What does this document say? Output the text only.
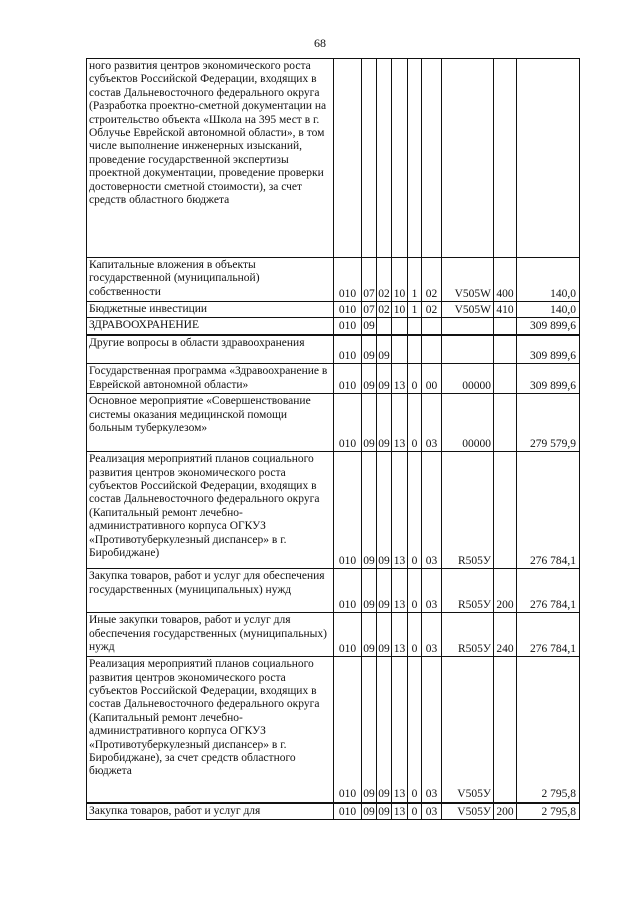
68
ного развития центров экономического роста субъектов Российской Федерации, входящих в состав Дальневосточного федерального округа (Разработка проектно-сметной документации на строительство объекта «Школа на 395 мест в г. Облучье Еврейской автономной области», в том числе выполнение инженерных изысканий, проведение государственной экспертизы проектной документации, проведение проверки достоверности сметной стоимости), за счет средств областного бюджета									
Капитальные вложения в объекты государственной (муниципальной) собственности	010	07	02	10	1	02	V505W	400	140,0
Бюджетные инвестиции	010	07	02	10	1	02	V505W	410	140,0
ЗДРАВООХРАНЕНИЕ	010	09							309 899,6
Другие вопросы в области здравоохранения	010	09	09						309 899,6
Государственная программа «Здравоохранение в Еврейской автономной области»	010	09	09	13	0	00	00000		309 899,6
Основное мероприятие «Совершенствование системы оказания медицинской помощи больным туберкулезом»	010	09	09	13	0	03	00000		279 579,9
Реализация мероприятий планов социального развития центров экономического роста субъектов Российской Федерации, входящих в состав Дальневосточного федерального округа (Капитальный ремонт лечебно-административного корпуса ОГКУЗ «Противотуберкулезный диспансер» в г. Биробиджане)	010	09	09	13	0	03	R505У		276 784,1
Закупка товаров, работ и услуг для обеспечения государственных (муниципальных) нужд	010	09	09	13	0	03	R505У	200	276 784,1
Иные закупки товаров, работ и услуг для обеспечения государственных (муниципальных) нужд	010	09	09	13	0	03	R505У	240	276 784,1
Реализация мероприятий планов социального развития центров экономического роста субъектов Российской Федерации, входящих в состав Дальневосточного федерального округа (Капитальный ремонт лечебно-административного корпуса ОГКУЗ «Противотуберкулезный диспансер» в г. Биробиджане), за счет средств областного бюджета	010	09	09	13	0	03	V505У		2 795,8
Закупка товаров, работ и услуг для	010	09	09	13	0	03	V505У	200	2 795,8
